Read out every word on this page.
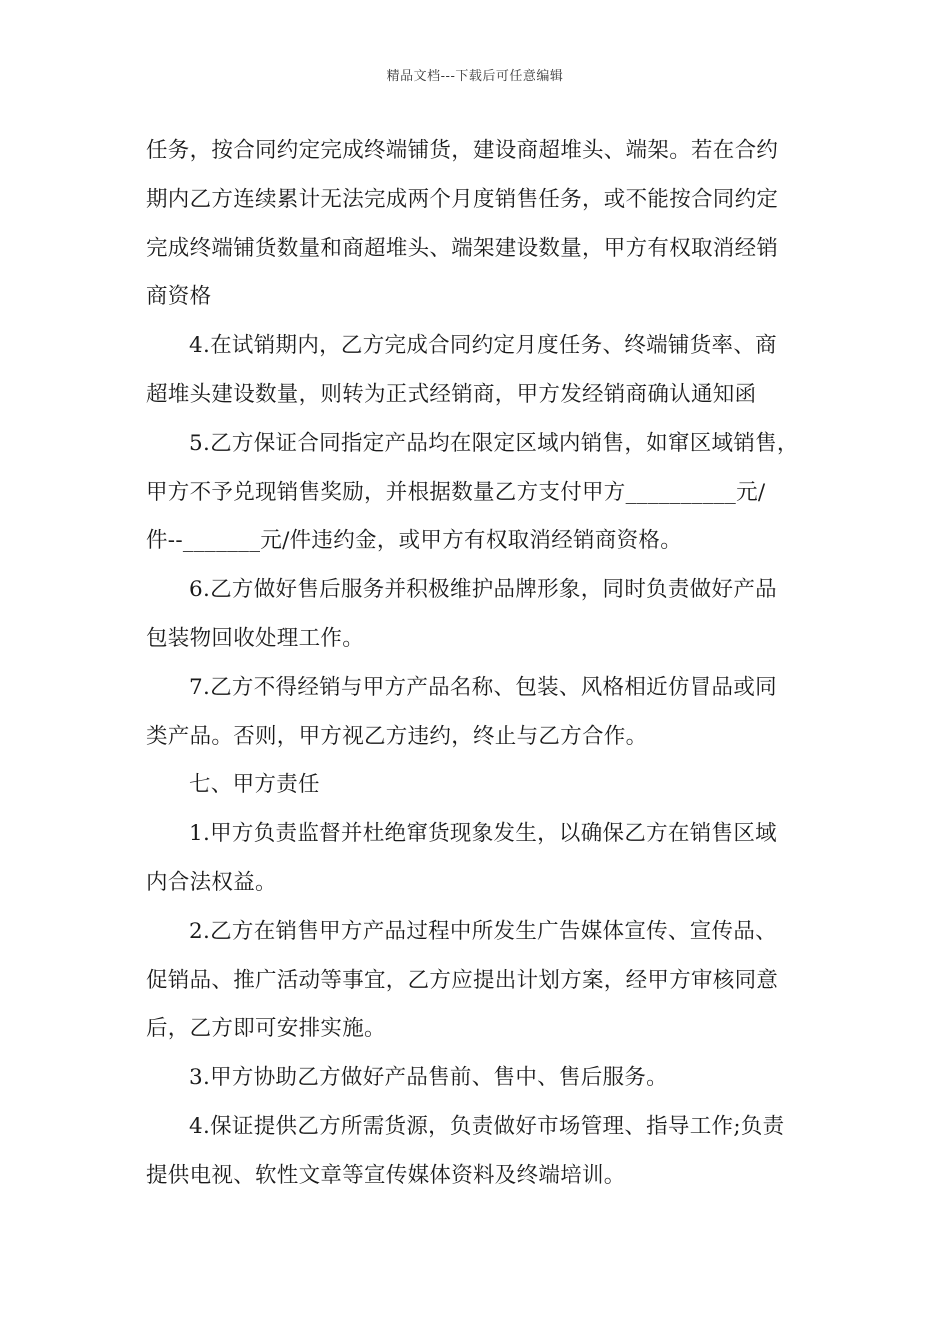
精品文档---下载后可任意编辑
任务，按合同约定完成终端铺货，建设商超堆头、端架。若在合约
期内乙方连续累计无法完成两个月度销售任务，或不能按合同约定
完成终端铺货数量和商超堆头、端架建设数量，甲方有权取消经销
商资格
4.在试销期内，乙方完成合同约定月度任务、终端铺货率、商
超堆头建设数量，则转为正式经销商，甲方发经销商确认通知函
5.乙方保证合同指定产品均在限定区域内销售，如窜区域销售，
甲方不予兑现销售奖励，并根据数量乙方支付甲方__________元/
件--_______元/件违约金，或甲方有权取消经销商资格。
6.乙方做好售后服务并积极维护品牌形象，同时负责做好产品
包装物回收处理工作。
7.乙方不得经销与甲方产品名称、包装、风格相近仿冒品或同
类产品。否则，甲方视乙方违约，终止与乙方合作。
七、甲方责任
1.甲方负责监督并杜绝窜货现象发生，以确保乙方在销售区域
内合法权益。
2.乙方在销售甲方产品过程中所发生广告媒体宣传、宣传品、
促销品、推广活动等事宜，乙方应提出计划方案，经甲方审核同意
后，乙方即可安排实施。
3.甲方协助乙方做好产品售前、售中、售后服务。
4.保证提供乙方所需货源，负责做好市场管理、指导工作;负责
提供电视、软性文章等宣传媒体资料及终端培训。
